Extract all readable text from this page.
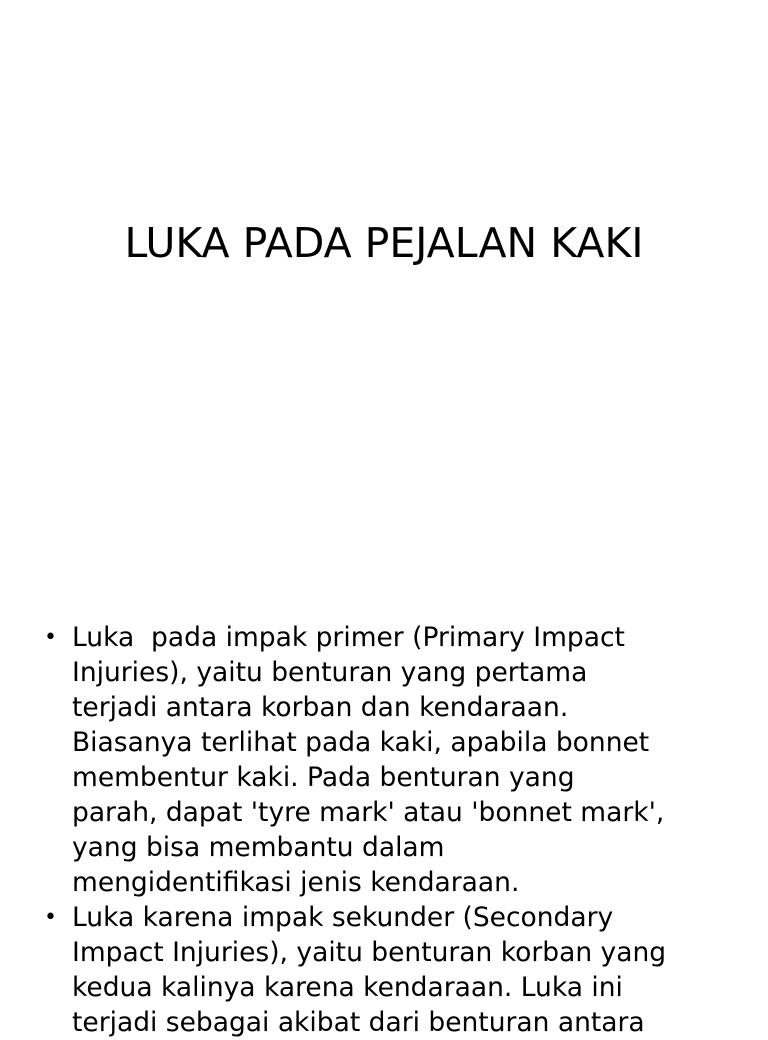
LUKA PADA PEJALAN KAKI
• Luka  pada impak primer (Primary Impact
Injuries), yaitu benturan yang pertama
terjadi antara korban dan kendaraan.
Biasanya terlihat pada kaki, apabila bonnet
membentur kaki. Pada benturan yang
parah, dapat 'tyre mark' atau 'bonnet mark',
yang bisa membantu dalam
mengidentifikasi jenis kendaraan.
• Luka karena impak sekunder (Secondary
Impact Injuries), yaitu benturan korban yang
kedua kalinya karena kendaraan. Luka ini
terjadi sebagai akibat dari benturan antara
